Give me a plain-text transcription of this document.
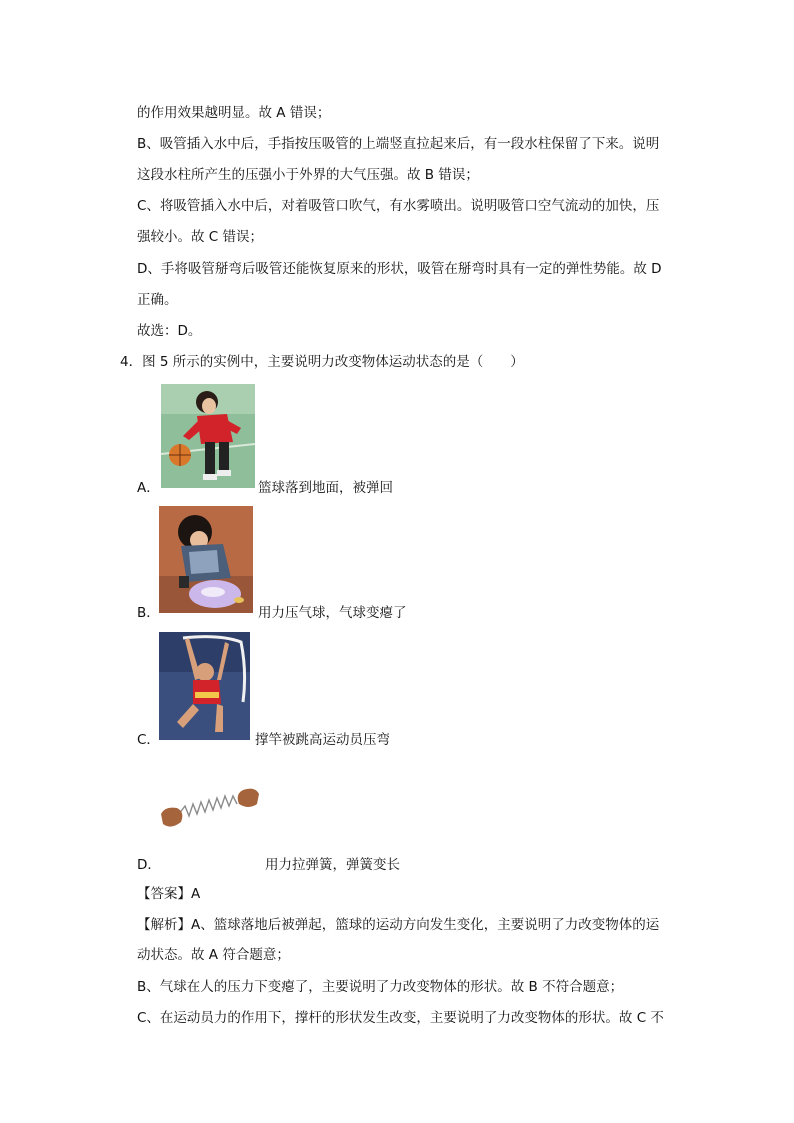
的作用效果越明显。故 A 错误；
B、吸管插入水中后，手指按压吸管的上端竖直拉起来后，有一段水柱保留了下来。说明
这段水柱所产生的压强小于外界的大气压强。故 B 错误；
C、将吸管插入水中后，对着吸管口吹气，有水雾喷出。说明吸管口空气流动的加快，压
强较小。故 C 错误；
D、手将吸管掰弯后吸管还能恢复原来的形状，吸管在掰弯时具有一定的弹性势能。故 D
正确。
故选：D。
4．图 5 所示的实例中，主要说明力改变物体运动状态的是（　　）
A．	篮球落到地面，被弹回
B．	用力压气球，气球变瘪了
C．	撑竿被跳高运动员压弯
D．	用力拉弹簧，弹簧变长
【答案】A
【解析】A、篮球落地后被弹起，篮球的运动方向发生变化，主要说明了力改变物体的运
动状态。故 A 符合题意；
B、气球在人的压力下变瘪了，主要说明了力改变物体的形状。故 B 不符合题意；
C、在运动员力的作用下，撑杆的形状发生改变，主要说明了力改变物体的形状。故 C 不
